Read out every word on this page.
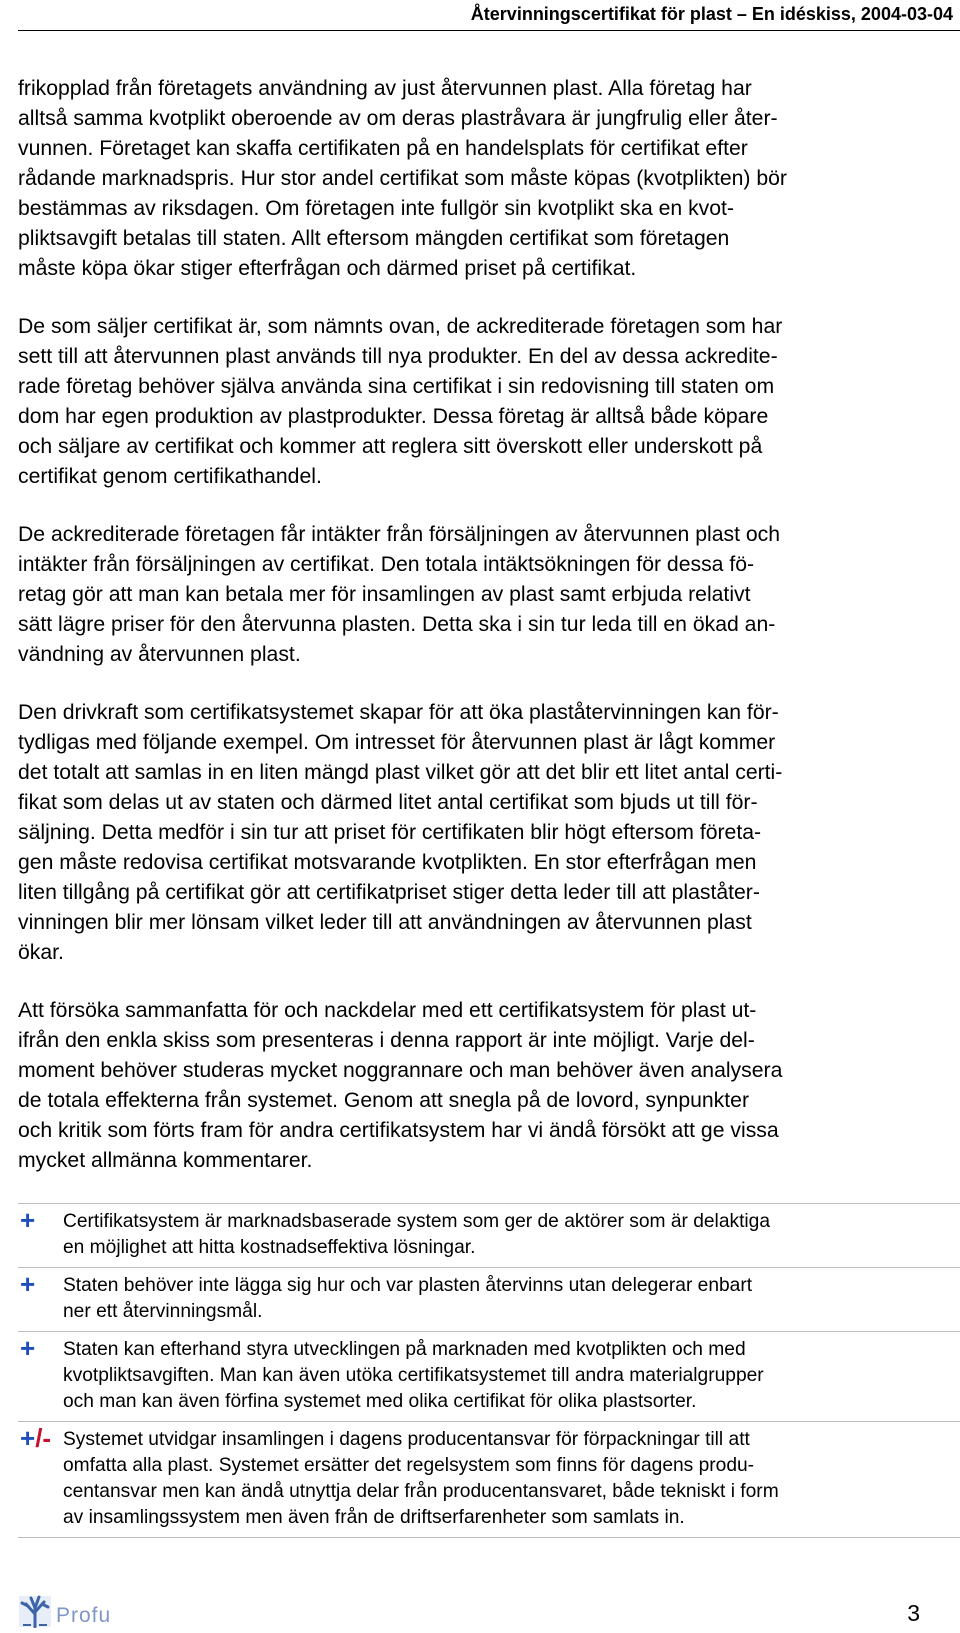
Återvinningscertifikat för plast – En idéskiss, 2004-03-04
frikopplad från företagets användning av just återvunnen plast. Alla företag har
alltså samma kvotplikt oberoende av om deras plastråvara är jungfrulig eller åter-
vunnen. Företaget kan skaffa certifikaten på en handelsplats för certifikat efter
rådande marknadspris. Hur stor andel certifikat som måste köpas (kvotplikten) bör
bestämmas av riksdagen. Om företagen inte fullgör sin kvotplikt ska en kvot-
pliktsavgift betalas till staten. Allt eftersom mängden certifikat som företagen
måste köpa ökar stiger efterfrågan och därmed priset på certifikat.
De som säljer certifikat är, som nämnts ovan, de ackrediterade företagen som har
sett till att återvunnen plast används till nya produkter. En del av dessa ackredite-
rade företag behöver själva använda sina certifikat i sin redovisning till staten om
dom har egen produktion av plastprodukter. Dessa företag är alltså både köpare
och säljare av certifikat och kommer att reglera sitt överskott eller underskott på
certifikat genom certifikathandel.
De ackrediterade företagen får intäkter från försäljningen av återvunnen plast och
intäkter från försäljningen av certifikat. Den totala intäktsökningen för dessa fö-
retag gör att man kan betala mer för insamlingen av plast samt erbjuda relativt
sätt lägre priser för den återvunna plasten. Detta ska i sin tur leda till en ökad an-
vändning av återvunnen plast.
Den drivkraft som certifikatsystemet skapar för att öka plaståtervinningen kan för-
tydligas med följande exempel. Om intresset för återvunnen plast är lågt kommer
det totalt att samlas in en liten mängd plast vilket gör att det blir ett litet antal certi-
fikat som delas ut av staten och därmed litet antal certifikat som bjuds ut till för-
säljning. Detta medför i sin tur att priset för certifikaten blir högt eftersom företa-
gen måste redovisa certifikat motsvarande kvotplikten. En stor efterfrågan men
liten tillgång på certifikat gör att certifikatpriset stiger detta leder till att plaståter-
vinningen blir mer lönsam vilket leder till att användningen av återvunnen plast
ökar.
Att försöka sammanfatta för och nackdelar med ett certifikatsystem för plast ut-
ifrån den enkla skiss som presenteras i denna rapport är inte möjligt. Varje del-
moment behöver studeras mycket noggrannare och man behöver även analysera
de totala effekterna från systemet. Genom att snegla på de lovord, synpunkter
och kritik som förts fram för andra certifikatsystem har vi ändå försökt att ge vissa
mycket allmänna kommentarer.
+ Certifikatsystem är marknadsbaserade system som ger de aktörer som är delaktiga
en möjlighet att hitta kostnadseffektiva lösningar.
+ Staten behöver inte lägga sig hur och var plasten återvinns utan delegerar enbart
ner ett återvinningsmål.
+ Staten kan efterhand styra utvecklingen på marknaden med kvotplikten och med
kvotpliktsavgiften. Man kan även utöka certifikatsystemet till andra materialgrupper
och man kan även förfina systemet med olika certifikat för olika plastsorter.
+/- Systemet utvidgar insamlingen i dagens producentansvar för förpackningar till att
omfatta alla plast. Systemet ersätter det regelsystem som finns för dagens produ-
centansvar men kan ändå utnyttja delar från producentansvaret, både tekniskt i form
av insamlingssystem men även från de driftserfarenheter som samlats in.
Profu	3
